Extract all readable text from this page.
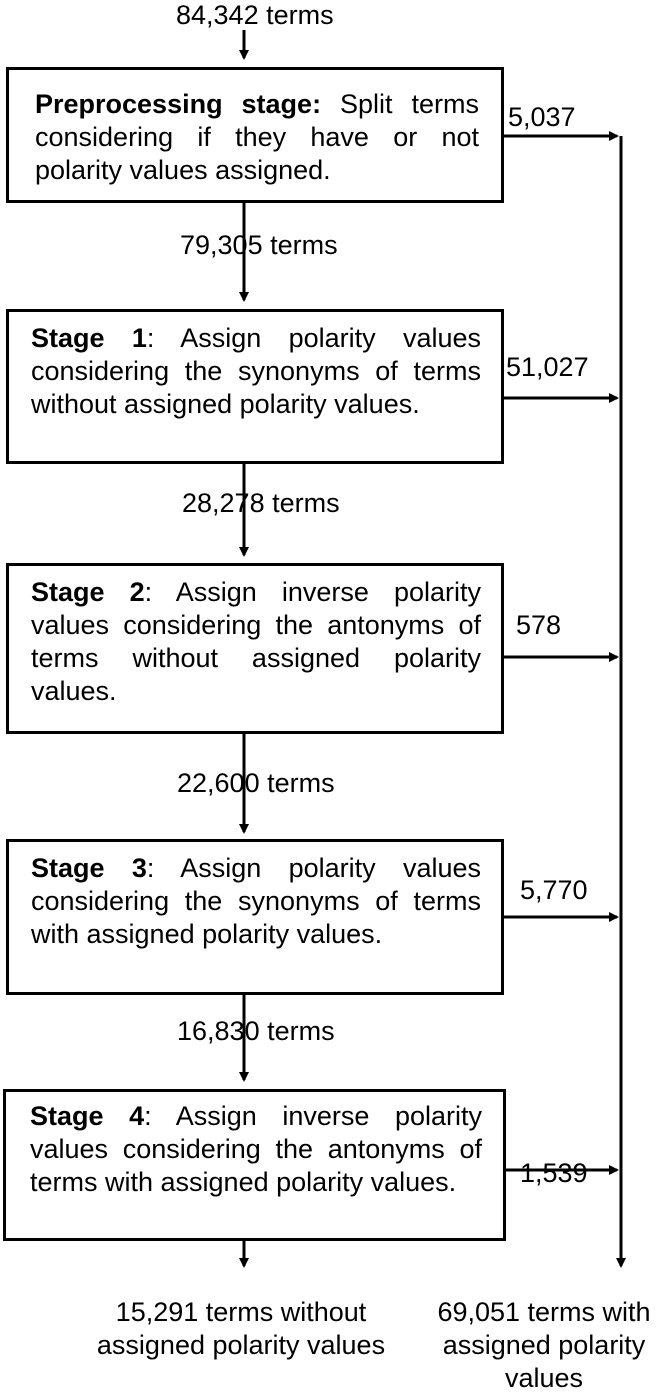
84,342 terms
Preprocessing stage: Split terms considering if they have or not polarity values assigned.
5,037
79,305 terms
Stage 1: Assign polarity values considering the synonyms of terms without assigned polarity values.
51,027
28,278 terms
Stage 2: Assign inverse polarity values considering the antonyms of terms without assigned polarity values.
578
22,600 terms
Stage 3: Assign polarity values considering the synonyms of terms with assigned polarity values.
5,770
16,830 terms
Stage 4: Assign inverse polarity values considering the antonyms of terms with assigned polarity values.	1,539
15,291 terms without assigned polarity values
69,051 terms with assigned polarity values
